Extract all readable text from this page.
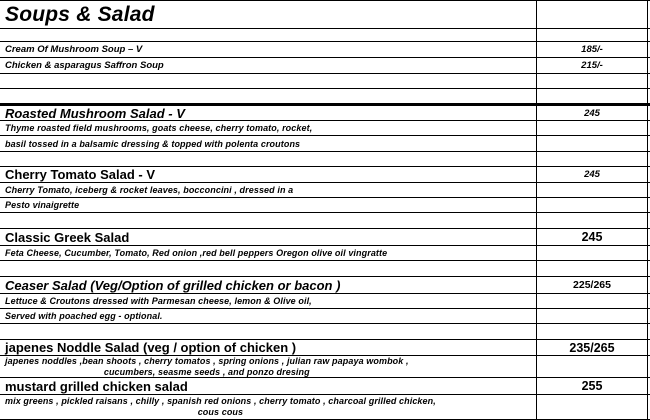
Soups & Salad
Cream Of Mushroom Soup – V	185/-
Chicken & asparagus Saffron Soup	215/-
Roasted Mushroom Salad - V	245
Thyme roasted field mushrooms, goats cheese, cherry tomato, rocket,
basil tossed in a balsamic dressing & topped with polenta croutons
Cherry Tomato Salad - V	245
Cherry Tomato, iceberg & rocket leaves, bocconcini , dressed in a
Pesto vinaigrette
Classic Greek Salad	245
Feta Cheese, Cucumber, Tomato, Red onion ,red bell peppers Oregon olive oil vingratte
Ceaser Salad (Veg/Option of grilled chicken or bacon )	225/265
Lettuce & Croutons dressed with Parmesan cheese, lemon & Olive oil,
Served with poached egg - optional.
japenes Noddle Salad (veg / option of chicken )	235/265
japenes noddles ,bean shoots , cherry tomatos , spring onions , julian raw papaya wombok ,
cucumbers, seasme seeds , and ponzo dresing
mustard grilled chicken salad	255
mix greens , pickled raisans , chilly , spanish red onions , cherry tomato , charcoal grilled chicken,
cous cous
